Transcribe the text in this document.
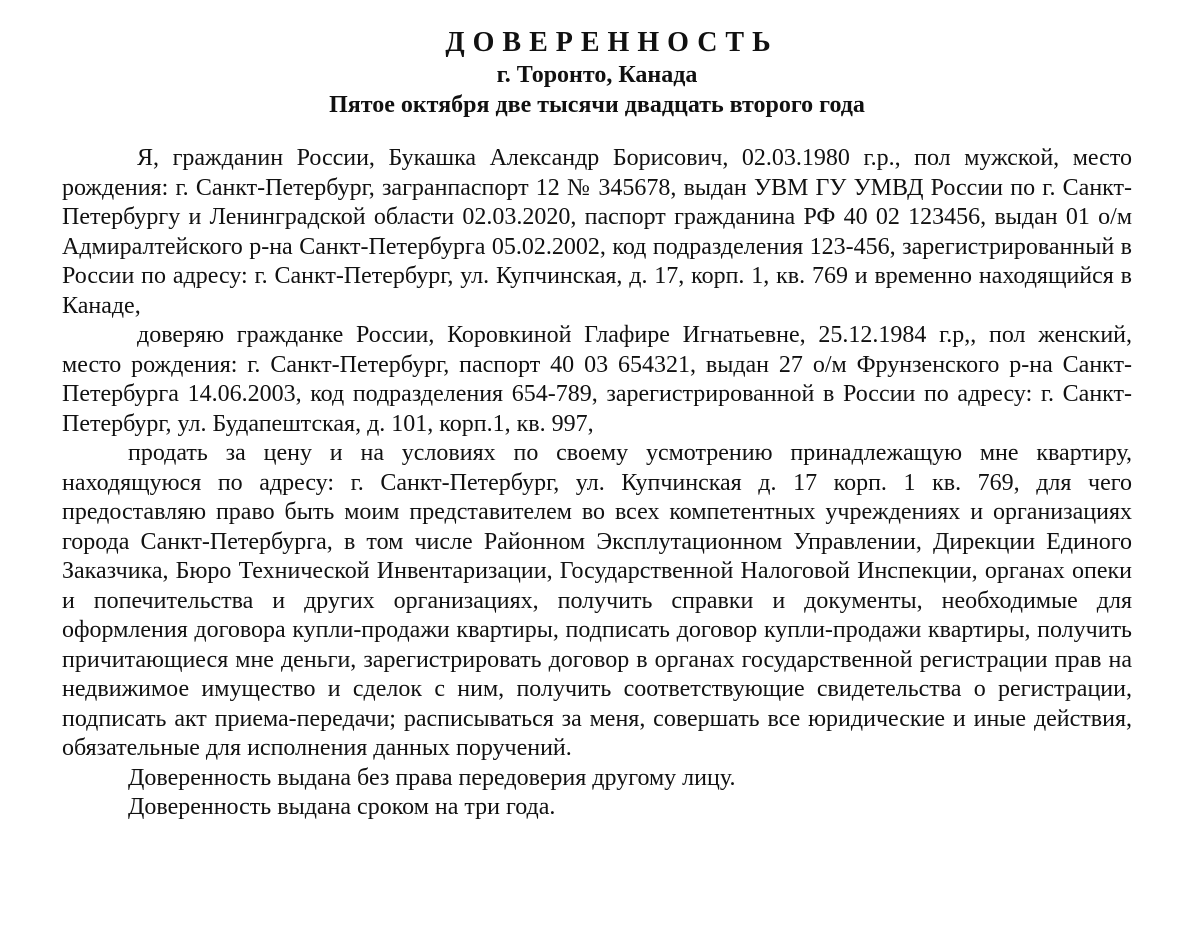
ДОВЕРЕННОСТЬ
г. Торонто, Канада
Пятое октября две тысячи двадцать второго года

Я, гражданин России, Букашка Александр Борисович, 02.03.1980 г.р., пол мужской, место рождения: г. Санкт-Петербург, загранпаспорт 12 № 345678, выдан УВМ ГУ УМВД России по г. Санкт-Петербургу и Ленинградской области 02.03.2020, паспорт гражданина РФ 40 02 123456, выдан 01 о/м Адмиралтейского р-на Санкт-Петербурга 05.02.2002, код подразделения 123-456, зарегистрированный в России по адресу: г. Санкт-Петербург, ул. Купчинская, д. 17, корп. 1, кв. 769 и временно находящийся в Канаде,

доверяю гражданке России, Коровкиной Глафире Игнатьевне, 25.12.1984 г.р,, пол женский, место рождения: г. Санкт-Петербург, паспорт 40 03 654321, выдан 27 о/м Фрунзенского р-на Санкт-Петербурга 14.06.2003, код подразделения 654-789, зарегистрированной в России по адресу: г. Санкт-Петербург, ул. Будапештская, д. 101, корп.1, кв. 997,

продать за цену и на условиях по своему усмотрению принадлежащую мне квартиру, находящуюся по адресу: г. Санкт-Петербург, ул. Купчинская д. 17 корп. 1 кв. 769, для чего предоставляю право быть моим представителем во всех компетентных учреждениях и организациях города Санкт-Петербурга, в том числе Районном Эксплутационном Управлении, Дирекции Единого Заказчика, Бюро Технической Инвентаризации, Государственной Налоговой Инспекции, органах опеки и попечительства и других организациях, получить справки и документы, необходимые для оформления договора купли-продажи квартиры, подписать договор купли-продажи квартиры, получить причитающиеся мне деньги, зарегистрировать договор в органах государственной регистрации прав на недвижимое имущество и сделок с ним, получить соответствующие свидетельства о регистрации, подписать акт приема-передачи; расписываться за меня, совершать все юридические и иные действия, обязательные для исполнения данных поручений.

Доверенность выдана без права передоверия другому лицу.

Доверенность выдана сроком на три года.
